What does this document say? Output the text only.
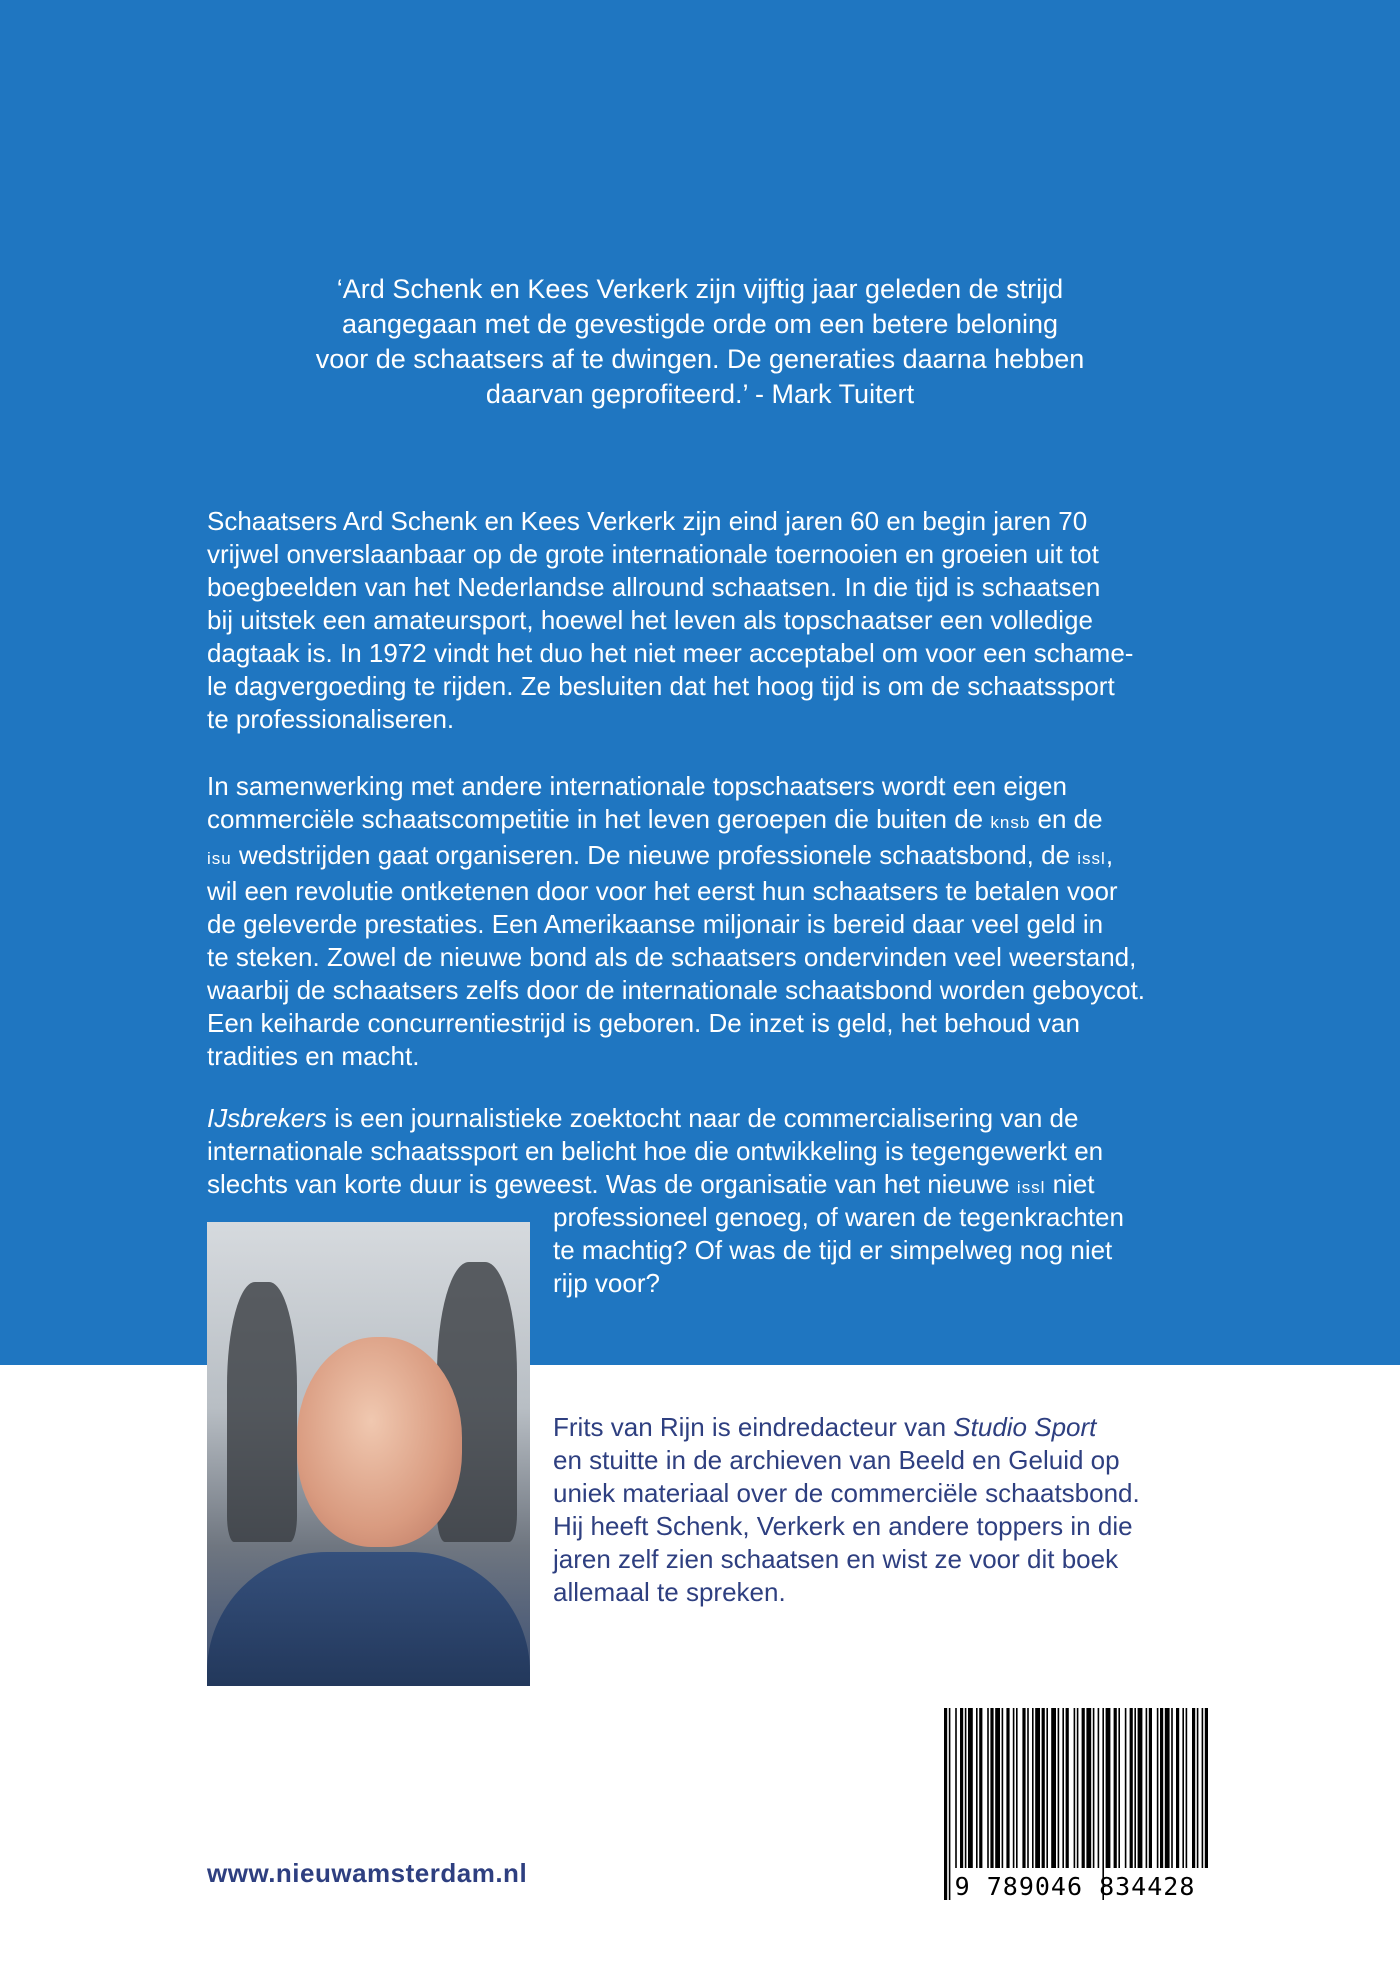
‘Ard Schenk en Kees Verkerk zijn vijftig jaar geleden de strijd
aangegaan met de gevestigde orde om een betere beloning
voor de schaatsers af te dwingen. De generaties daarna hebben
daarvan geprofiteerd.’ - Mark Tuitert

Schaatsers Ard Schenk en Kees Verkerk zijn eind jaren 60 en begin jaren 70
vrijwel onverslaanbaar op de grote internationale toernooien en groeien uit tot
boegbeelden van het Nederlandse allround schaatsen. In die tijd is schaatsen
bij uitstek een amateursport, hoewel het leven als topschaatser een volledige
dagtaak is. In 1972 vindt het duo het niet meer acceptabel om voor een schame-
le dagvergoeding te rijden. Ze besluiten dat het hoog tijd is om de schaatssport
te professionaliseren.

In samenwerking met andere internationale topschaatsers wordt een eigen
commerciële schaatscompetitie in het leven geroepen die buiten de knsb en de
isu wedstrijden gaat organiseren. De nieuwe professionele schaatsbond, de issl,
wil een revolutie ontketenen door voor het eerst hun schaatsers te betalen voor
de geleverde prestaties. Een Amerikaanse miljonair is bereid daar veel geld in
te steken. Zowel de nieuwe bond als de schaatsers ondervinden veel weerstand,
waarbij de schaatsers zelfs door de internationale schaatsbond worden geboycot.
Een keiharde concurrentiestrijd is geboren. De inzet is geld, het behoud van
tradities en macht.

IJsbrekers is een journalistieke zoektocht naar de commercialisering van de
internationale schaatssport en belicht hoe die ontwikkeling is tegengewerkt en
slechts van korte duur is geweest. Was de organisatie van het nieuwe issl niet

professioneel genoeg, of waren de tegenkrachten
te machtig? Of was de tijd er simpelweg nog niet
rijp voor?

Frits van Rijn is eindredacteur van Studio Sport
en stuitte in de archieven van Beeld en Geluid op
uniek materiaal over de commerciële schaatsbond.
Hij heeft Schenk, Verkerk en andere toppers in die
jaren zelf zien schaatsen en wist ze voor dit boek
allemaal te spreken.

www.nieuwamsterdam.nl	9 789046 834428
